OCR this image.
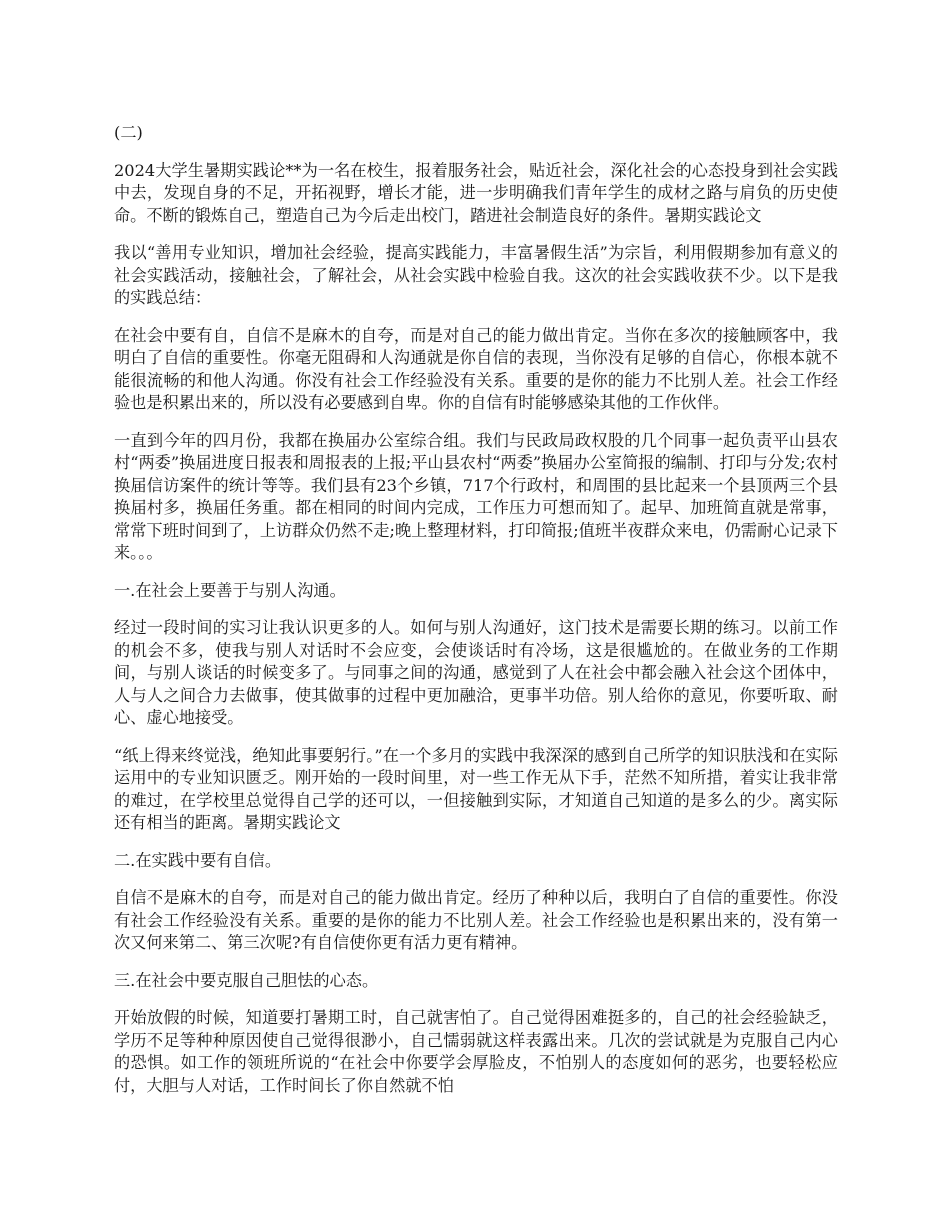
(二)

2024大学生暑期实践论**为一名在校生，报着服务社会，贴近社会，深化社会的心态投身到社会实践中去，发现自身的不足，开拓视野，增长才能，进一步明确我们青年学生的成材之路与肩负的历史使命。不断的锻炼自己，塑造自己为今后走出校门，踏进社会制造良好的条件。暑期实践论文

我以“善用专业知识，增加社会经验，提高实践能力，丰富暑假生活”为宗旨，利用假期参加有意义的社会实践活动，接触社会，了解社会，从社会实践中检验自我。这次的社会实践收获不少。以下是我的实践总结：

在社会中要有自，自信不是麻木的自夸，而是对自己的能力做出肯定。当你在多次的接触顾客中，我明白了自信的重要性。你毫无阻碍和人沟通就是你自信的表现，当你没有足够的自信心，你根本就不能很流畅的和他人沟通。你没有社会工作经验没有关系。重要的是你的能力不比别人差。社会工作经验也是积累出来的，所以没有必要感到自卑。你的自信有时能够感染其他的工作伙伴。

一直到今年的四月份，我都在换届办公室综合组。我们与民政局政权股的几个同事一起负责平山县农村“两委”换届进度日报表和周报表的上报;平山县农村“两委”换届办公室简报的编制、打印与分发;农村换届信访案件的统计等等。我们县有23个乡镇，717个行政村，和周围的县比起来一个县顶两三个县换届村多，换届任务重。都在相同的时间内完成，工作压力可想而知了。起早、加班简直就是常事，常常下班时间到了，上访群众仍然不走;晚上整理材料，打印简报;值班半夜群众来电，仍需耐心记录下来。。。

一.在社会上要善于与别人沟通。

经过一段时间的实习让我认识更多的人。如何与别人沟通好，这门技术是需要长期的练习。以前工作的机会不多，使我与别人对话时不会应变，会使谈话时有冷场，这是很尴尬的。在做业务的工作期间，与别人谈话的时候变多了。与同事之间的沟通，感觉到了人在社会中都会融入社会这个团体中，人与人之间合力去做事，使其做事的过程中更加融洽，更事半功倍。别人给你的意见，你要听取、耐心、虚心地接受。

“纸上得来终觉浅，绝知此事要躬行。”在一个多月的实践中我深深的感到自己所学的知识肤浅和在实际运用中的专业知识匮乏。刚开始的一段时间里，对一些工作无从下手，茫然不知所措，着实让我非常的难过，在学校里总觉得自己学的还可以，一但接触到实际，才知道自己知道的是多么的少。离实际还有相当的距离。暑期实践论文

二.在实践中要有自信。

自信不是麻木的自夸，而是对自己的能力做出肯定。经历了种种以后，我明白了自信的重要性。你没有社会工作经验没有关系。重要的是你的能力不比别人差。社会工作经验也是积累出来的，没有第一次又何来第二、第三次呢?有自信使你更有活力更有精神。

三.在社会中要克服自己胆怯的心态。

开始放假的时候，知道要打暑期工时，自己就害怕了。自己觉得困难挺多的，自己的社会经验缺乏，学历不足等种种原因使自己觉得很渺小，自己懦弱就这样表露出来。几次的尝试就是为克服自己内心的恐惧。如工作的领班所说的“在社会中你要学会厚脸皮，不怕别人的态度如何的恶劣，也要轻松应付，大胆与人对话，工作时间长了你自然就不怕
